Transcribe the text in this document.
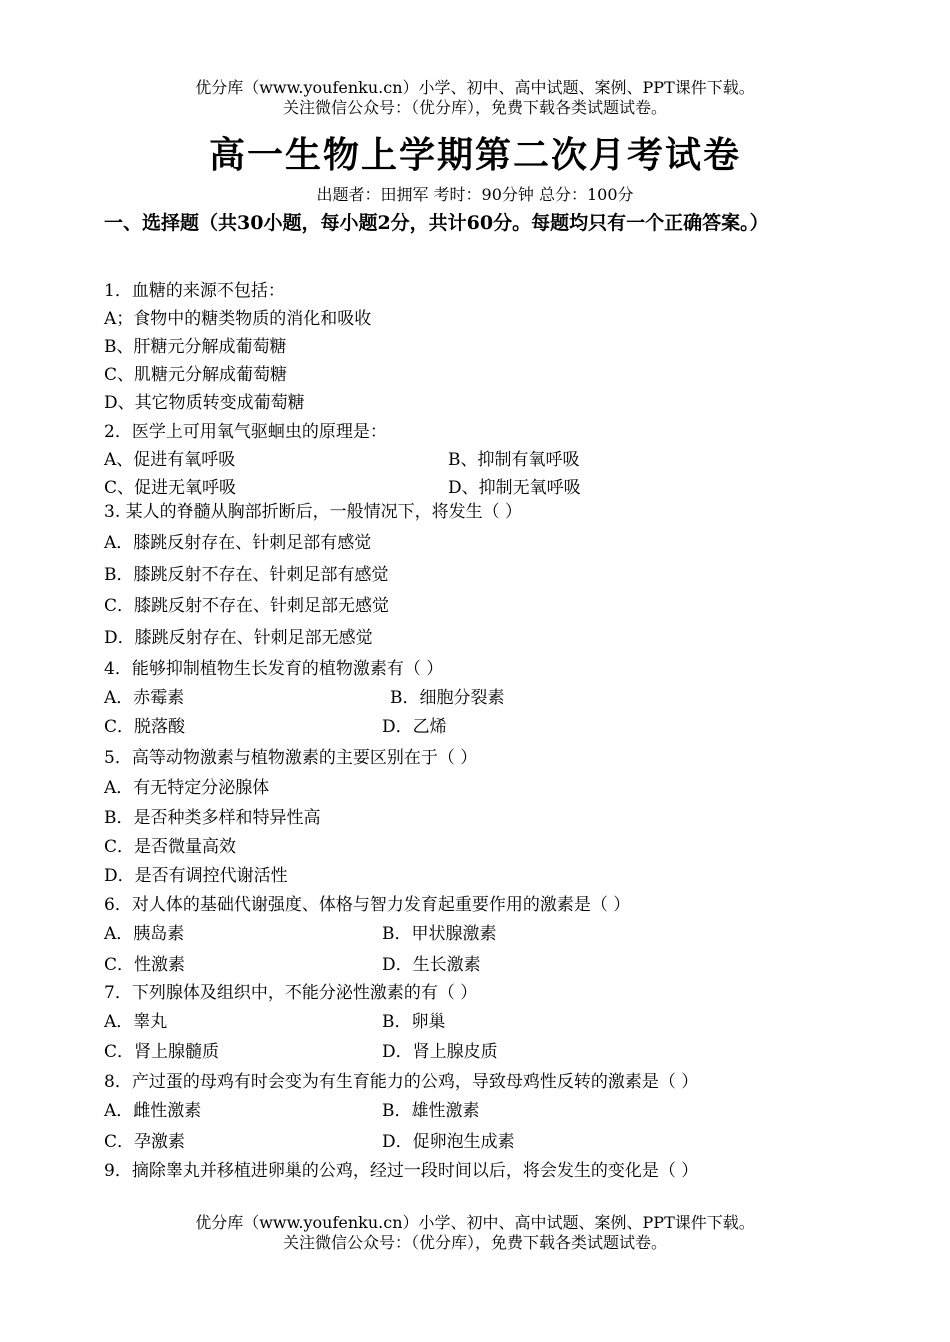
优分库（www.youfenku.cn）小学、初中、高中试题、案例、PPT课件下载。
关注微信公众号：（优分库），免费下载各类试题试卷。
高一生物上学期第二次月考试卷
出题者：田拥军 考时：90分钟 总分：100分
一、选择题（共30小题，每小题2分，共计60分。每题均只有一个正确答案。）
1．血糖的来源不包括：
A；食物中的糖类物质的消化和吸收
B、肝糖元分解成葡萄糖
C、肌糖元分解成葡萄糖
D、其它物质转变成葡萄糖
2．医学上可用氧气驱蛔虫的原理是：
A、促进有氧呼吸	B、抑制有氧呼吸
C、促进无氧呼吸	D、抑制无氧呼吸
3. 某人的脊髓从胸部折断后，一般情况下，将发生（ ）
A．膝跳反射存在、针刺足部有感觉
B．膝跳反射不存在、针刺足部有感觉
C．膝跳反射不存在、针刺足部无感觉
D．膝跳反射存在、针刺足部无感觉
4．能够抑制植物生长发育的植物激素有（ ）
A．赤霉素	B．细胞分裂素
C．脱落酸	D．乙烯
5．高等动物激素与植物激素的主要区别在于（ ）
A．有无特定分泌腺体
B．是否种类多样和特异性高
C．是否微量高效
D．是否有调控代谢活性
6．对人体的基础代谢强度、体格与智力发育起重要作用的激素是（ ）
A．胰岛素	B．甲状腺激素
C．性激素	D．生长激素
7．下列腺体及组织中，不能分泌性激素的有（ ）
A．睾丸	B．卵巢
C．肾上腺髓质	D．肾上腺皮质
8．产过蛋的母鸡有时会变为有生育能力的公鸡，导致母鸡性反转的激素是（ ）
A．雌性激素	B．雄性激素
C．孕激素	D．促卵泡生成素
9．摘除睾丸并移植进卵巢的公鸡，经过一段时间以后，将会发生的变化是（ ）
优分库（www.youfenku.cn）小学、初中、高中试题、案例、PPT课件下载。
关注微信公众号：（优分库），免费下载各类试题试卷。
